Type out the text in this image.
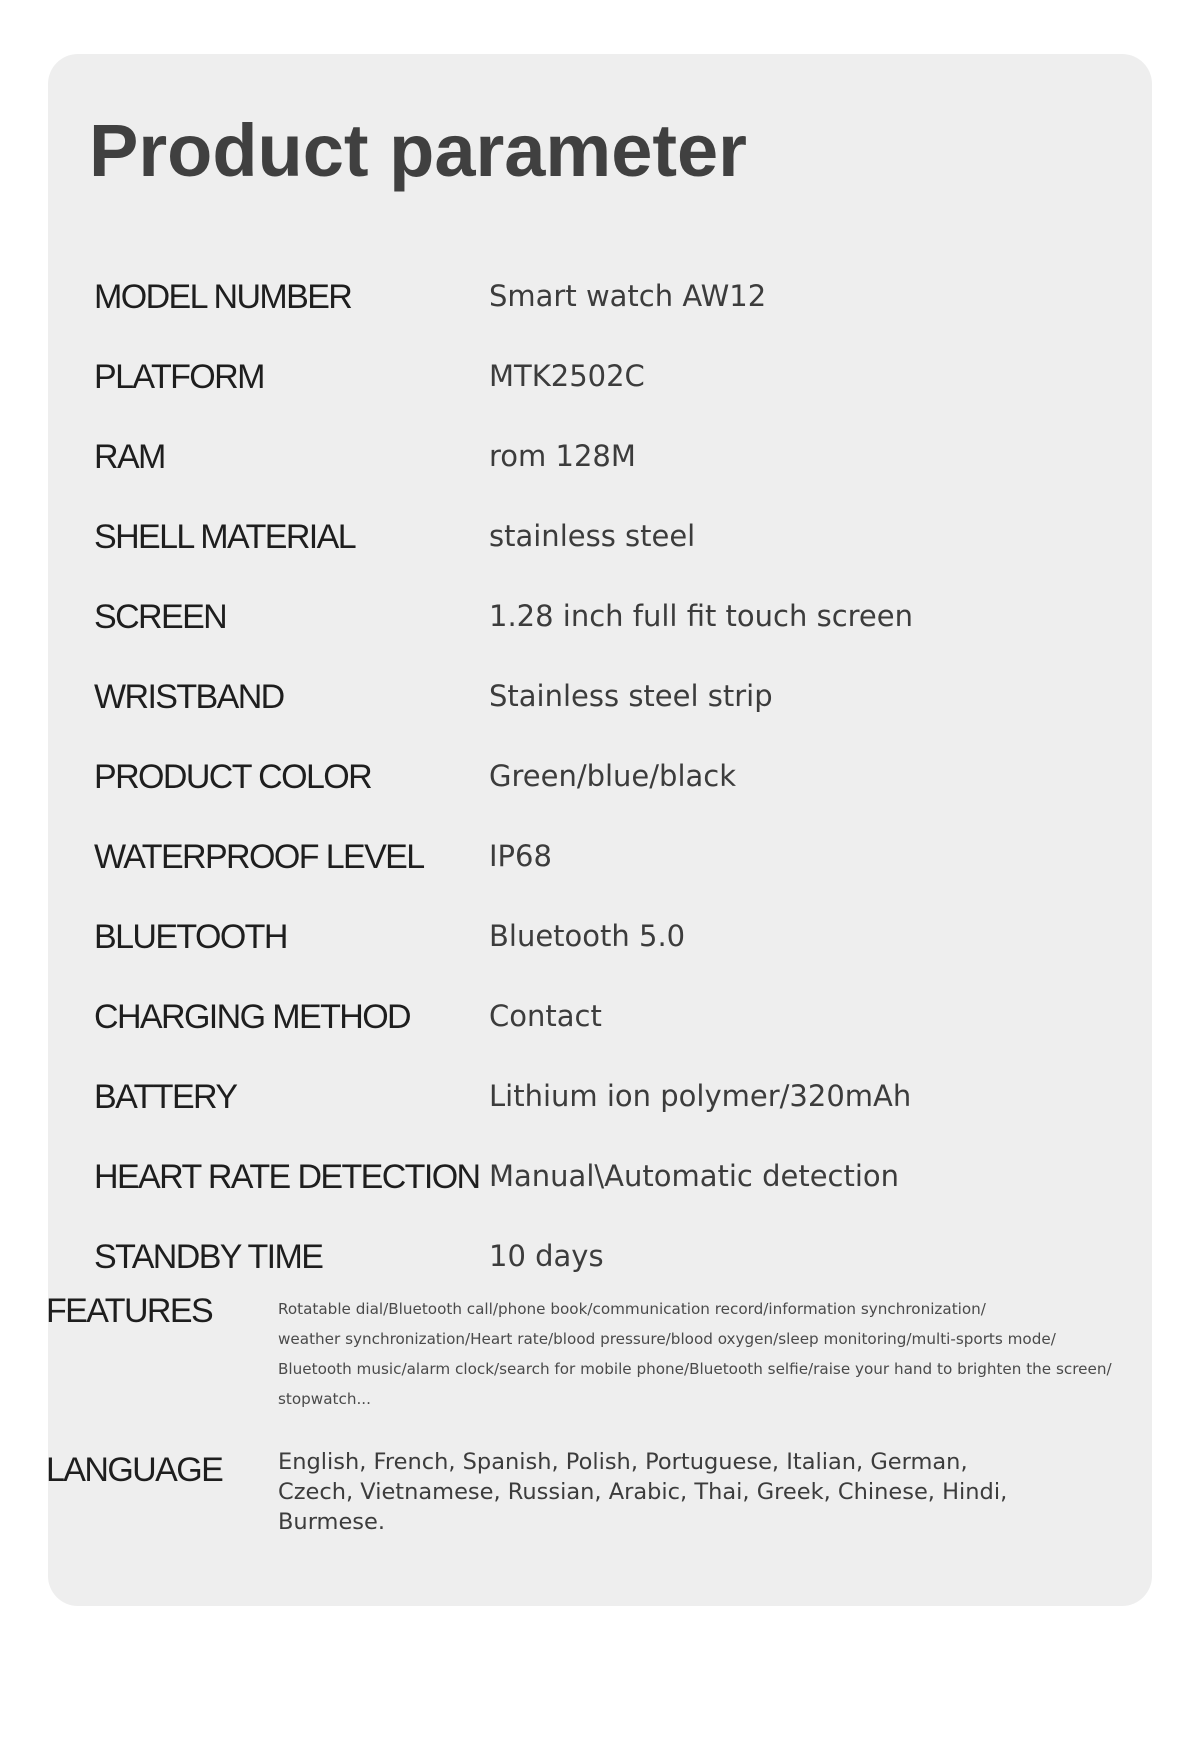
Product parameter
MODEL NUMBER	Smart watch AW12
PLATFORM	MTK2502C
RAM	rom 128M
SHELL MATERIAL	stainless steel
SCREEN	1.28 inch full fit touch screen
WRISTBAND	Stainless steel strip
PRODUCT COLOR	Green/blue/black
WATERPROOF LEVEL IP68
BLUETOOTH	Bluetooth 5.0
CHARGING METHOD	Contact
BATTERY	Lithium ion polymer/320mAh
HEART RATE DETECTION Manual\Automatic detection
STANDBY TIME	10 days
FEATURES	Rotatable dial/Bluetooth call/phone book/communication record/information synchronization/
weather synchronization/Heart rate/blood pressure/blood oxygen/sleep monitoring/multi-sports mode/
Bluetooth music/alarm clock/search for mobile phone/Bluetooth selfie/raise your hand to brighten the screen/
stopwatch...
LANGUAGE English, French, Spanish, Polish, Portuguese, Italian, German,
Czech, Vietnamese, Russian, Arabic, Thai, Greek, Chinese, Hindi,
Burmese.
